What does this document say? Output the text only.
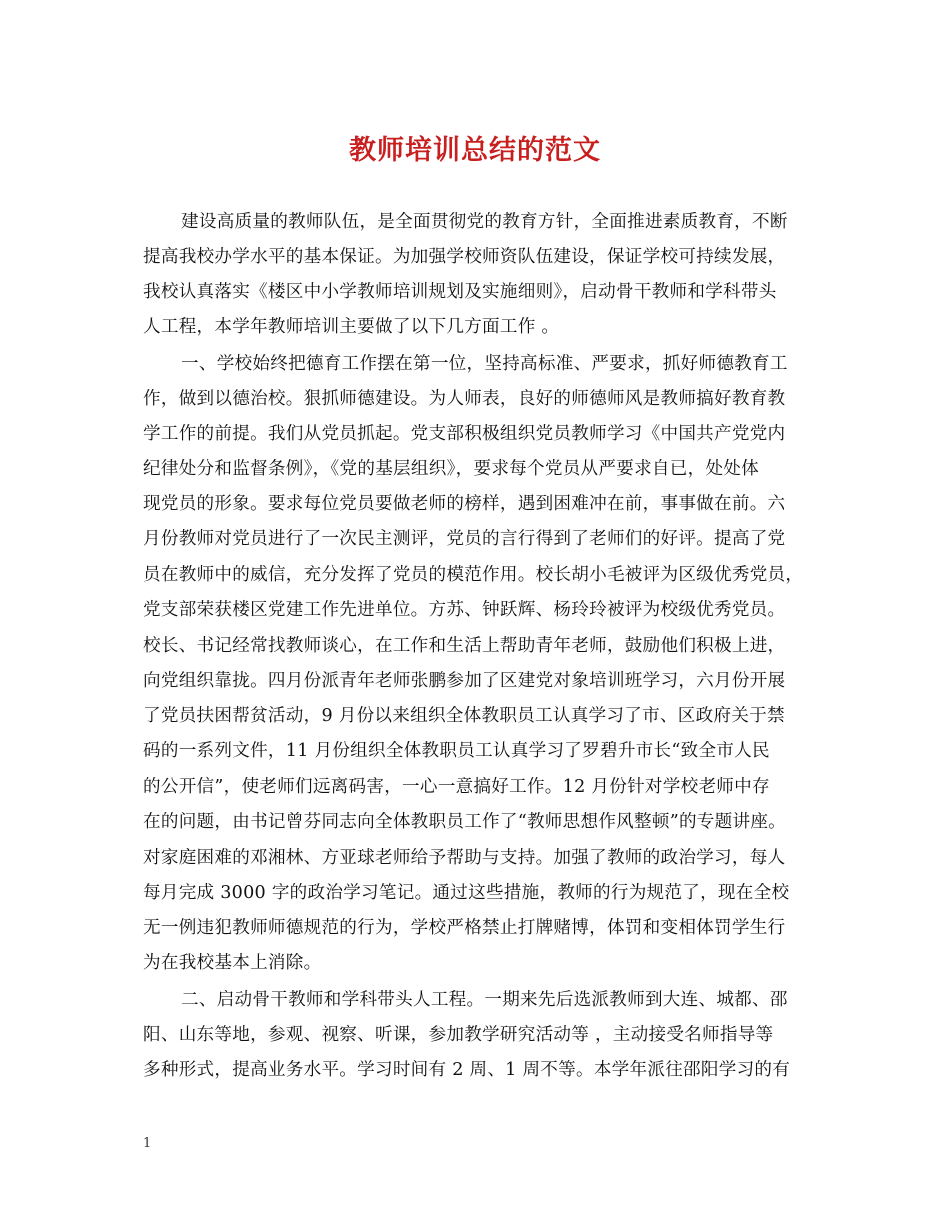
教师培训总结的范文
建设高质量的教师队伍，是全面贯彻党的教育方针，全面推进素质教育，不断
提高我校办学水平的基本保证。为加强学校师资队伍建设，保证学校可持续发展，
我校认真落实《楼区中小学教师培训规划及实施细则》，启动骨干教师和学科带头
人工程，本学年教师培训主要做了以下几方面工作 。
一、学校始终把德育工作摆在第一位，坚持高标准、严要求，抓好师德教育工
作，做到以德治校。狠抓师德建设。为人师表，良好的师德师风是教师搞好教育教
学工作的前提。我们从党员抓起。党支部积极组织党员教师学习《中国共产党党内
纪律处分和监督条例》，《党的基层组织》，要求每个党员从严要求自已，处处体
现党员的形象。要求每位党员要做老师的榜样，遇到困难冲在前，事事做在前。六
月份教师对党员进行了一次民主测评，党员的言行得到了老师们的好评。提高了党
员在教师中的威信，充分发挥了党员的模范作用。校长胡小毛被评为区级优秀党员，
党支部荣获楼区党建工作先进单位。方苏、钟跃辉、杨玲玲被评为校级优秀党员。
校长、书记经常找教师谈心，在工作和生活上帮助青年老师，鼓励他们积极上进，
向党组织靠拢。四月份派青年老师张鹏参加了区建党对象培训班学习，六月份开展
了党员扶困帮贫活动，9 月份以来组织全体教职员工认真学习了市、区政府关于禁
码的一系列文件，11 月份组织全体教职员工认真学习了罗碧升市长“致全市人民
的公开信”，使老师们远离码害，一心一意搞好工作。12 月份针对学校老师中存
在的问题，由书记曾芬同志向全体教职员工作了“教师思想作风整顿”的专题讲座。
对家庭困难的邓湘林、方亚球老师给予帮助与支持。加强了教师的政治学习，每人
每月完成 3000 字的政治学习笔记。通过这些措施，教师的行为规范了，现在全校
无一例违犯教师师德规范的行为，学校严格禁止打牌赌博，体罚和变相体罚学生行
为在我校基本上消除。
二、启动骨干教师和学科带头人工程。一期来先后选派教师到大连、城都、邵
阳、山东等地，参观、视察、听课，参加教学研究活动等 ，主动接受名师指导等
多种形式，提高业务水平。学习时间有 2 周、1 周不等。本学年派往邵阳学习的有
1
